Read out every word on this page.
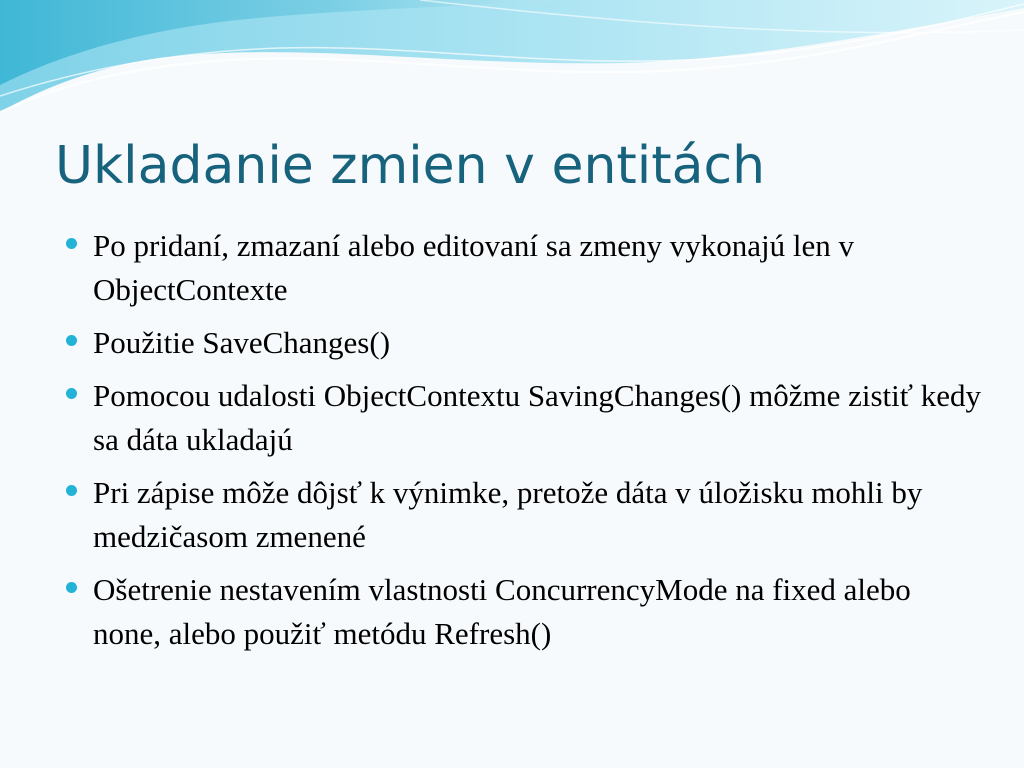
Ukladanie zmien v entitách
Po pridaní, zmazaní alebo editovaní sa zmeny vykonajú len v ObjectContexte
Použitie SaveChanges()
Pomocou udalosti ObjectContextu SavingChanges() môžme zistiť kedy sa dáta ukladajú
Pri zápise môže dôjsť k výnimke, pretože dáta v úložisku mohli by medzičasom zmenené
Ošetrenie nestavením vlastnosti ConcurrencyMode na fixed alebo none, alebo použiť metódu Refresh()
